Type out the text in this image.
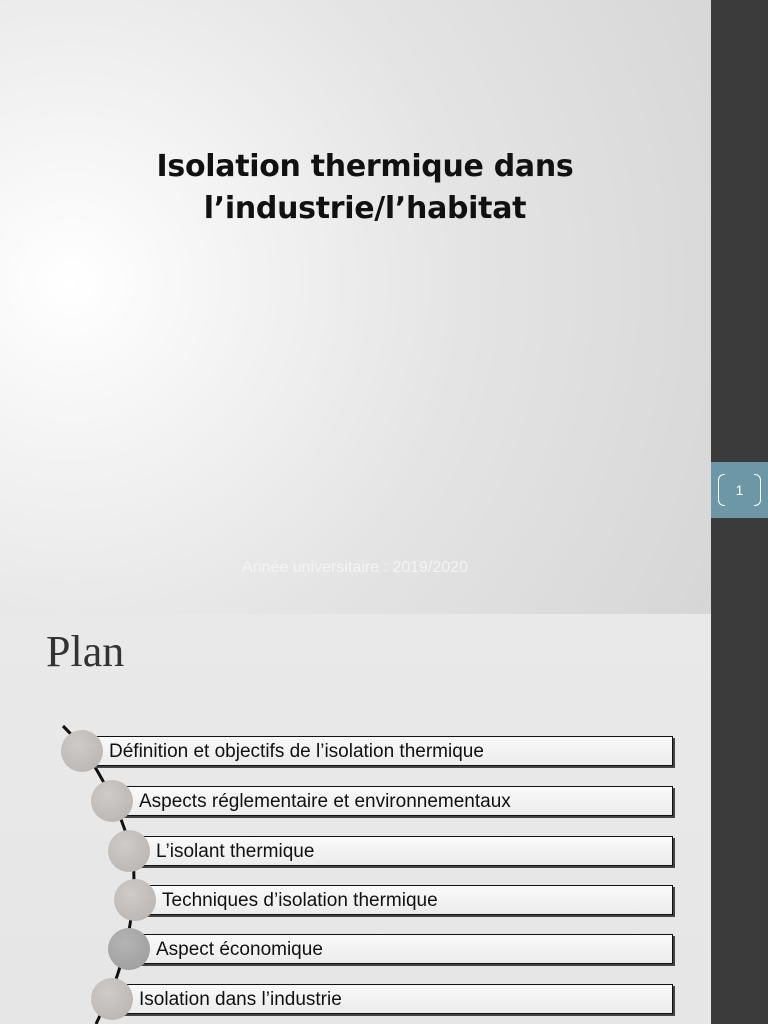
Isolation thermique dans
l’industrie/l’habitat
Année universitaire : 2019/2020
1
Plan
Définition et objectifs de l’isolation thermique
Aspects réglementaire et environnementaux
L’isolant thermique
Techniques d’isolation thermique
Aspect économique
Isolation dans l’industrie
